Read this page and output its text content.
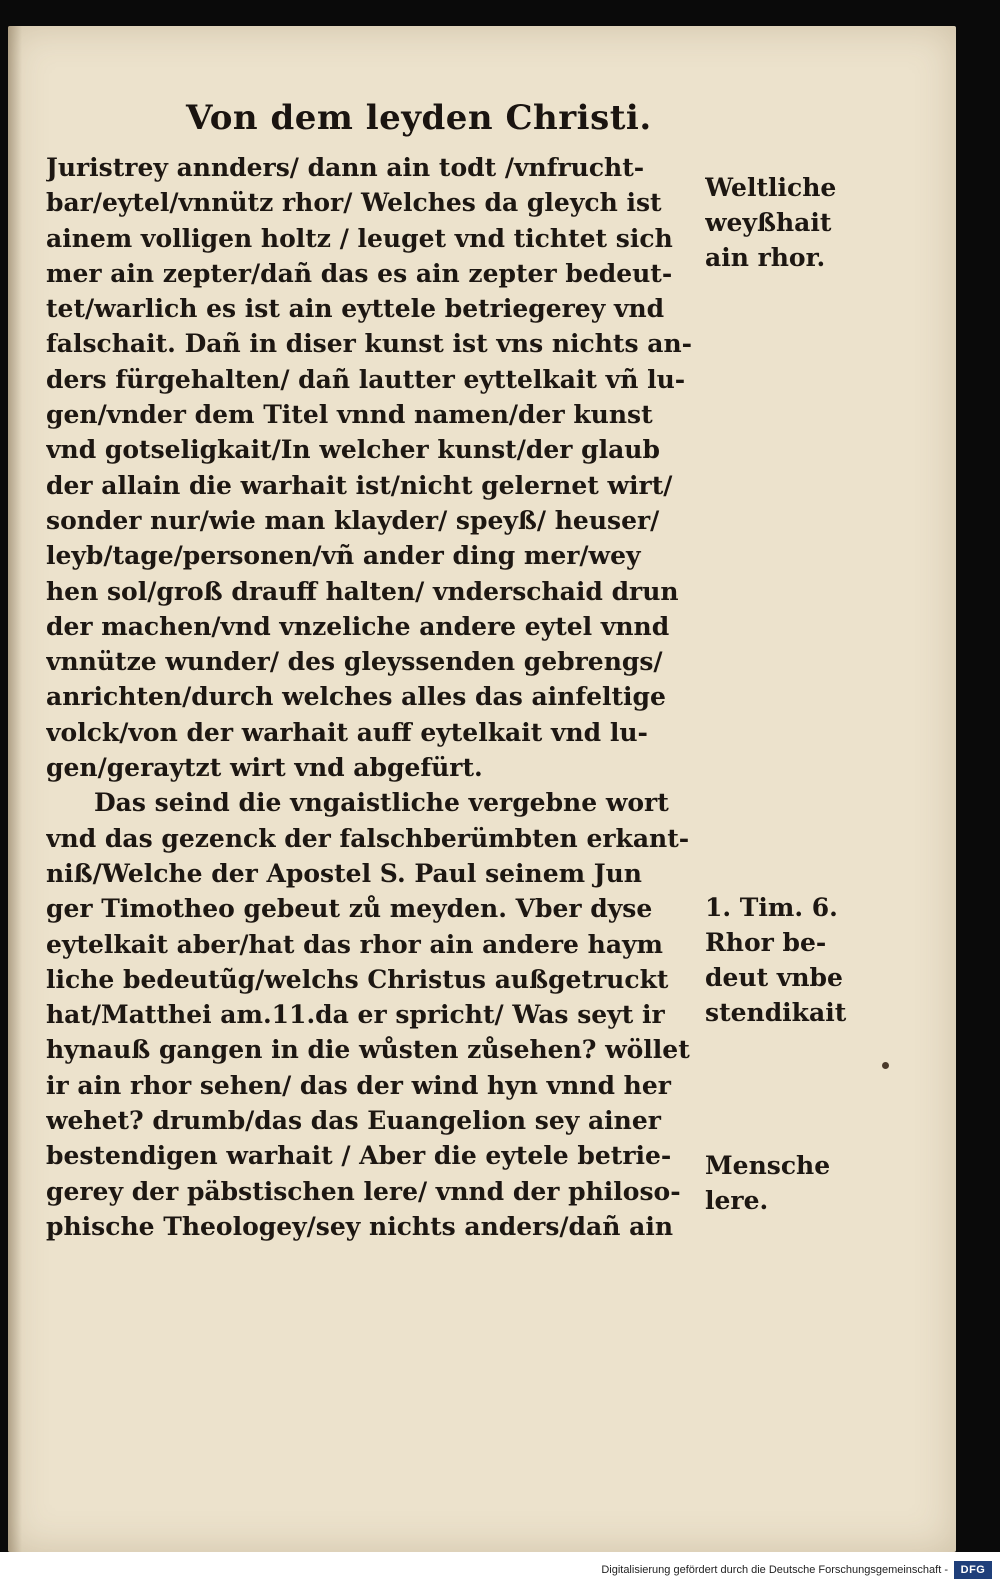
Von dem leyden Christi.
Juristrey annders/ dann ain todt /vnfrucht-
bar/eytel/vnnütz rhor/ Welches da gleych ist
ainem volligen holtz / leuget vnd tichtet sich
mer ain zepter/dañ das es ain zepter bedeut-
tet/warlich es ist ain eyttele betriegerey vnd
falschait. Dañ in diser kunst ist vns nichts an-
ders fürgehalten/ dañ lautter eyttelkait vñ lu-
gen/vnder dem Titel vnnd namen/der kunst
vnd gotseligkait/In welcher kunst/der glaub
der allain die warhait ist/nicht gelernet wirt/
sonder nur/wie man klayder/ speyß/ heuser/
leyb/tage/personen/vñ ander ding mer/wey
hen sol/groß drauff halten/ vnderschaid drun
der machen/vnd vnzeliche andere eytel vnnd
vnnütze wunder/ des gleyssenden gebrengs/
anrichten/durch welches alles das ainfeltige
volck/von der warhait auff eytelkait vnd lu-
gen/geraytzt wirt vnd abgefürt.
Das seind die vngaistliche vergebne wort
vnd das gezenck der falschberümbten erkant-
niß/Welche der Apostel S. Paul seinem Jun
ger Timotheo gebeut zů meyden. Vber dyse
eytelkait aber/hat das rhor ain andere haym
liche bedeutũg/welchs Christus außgetruckt
hat/Matthei am.11.da er spricht/ Was seyt ir
hynauß gangen in die wůsten zůsehen? wöllet
ir ain rhor sehen/ das der wind hyn vnnd her
wehet? drumb/das das Euangelion sey ainer
bestendigen warhait / Aber die eytele betrie-
gerey der päbstischen lere/ vnnd der philoso-
phische Theologey/sey nichts anders/dañ ain
Weltliche
weyßhait
ain rhor.
1. Tim. 6.
Rhor be-
deut vnbe
stendikait
Mensche
lere.
Digitalisierung gefördert durch die Deutsche Forschungsgemeinschaft -	DFG
